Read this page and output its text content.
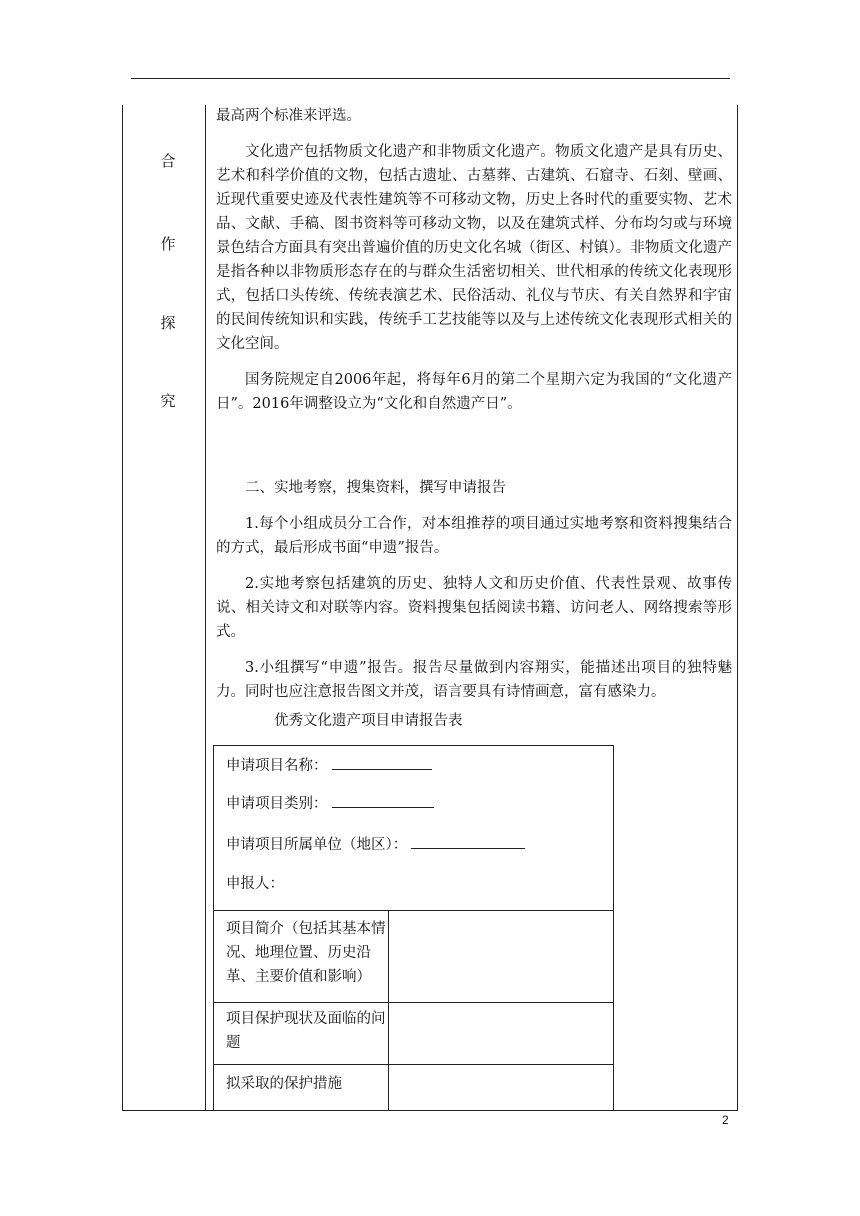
合
作
探
究

最高两个标准来评选。

文化遗产包括物质文化遗产和非物质文化遗产。物质文化遗产是具有历史、艺术和科学价值的文物，包括古遗址、古墓葬、古建筑、石窟寺、石刻、壁画、近现代重要史迹及代表性建筑等不可移动文物，历史上各时代的重要实物、艺术品、文献、手稿、图书资料等可移动文物，以及在建筑式样、分布均匀或与环境景色结合方面具有突出普遍价值的历史文化名城（街区、村镇）。非物质文化遗产是指各种以非物质形态存在的与群众生活密切相关、世代相承的传统文化表现形式，包括口头传统、传统表演艺术、民俗活动、礼仪与节庆、有关自然界和宇宙的民间传统知识和实践，传统手工艺技能等以及与上述传统文化表现形式相关的文化空间。

国务院规定自2006年起，将每年6月的第二个星期六定为我国的“文化遗产日”。2016年调整设立为“文化和自然遗产日”。

二、实地考察，搜集资料，撰写申请报告

1.每个小组成员分工合作，对本组推荐的项目通过实地考察和资料搜集结合的方式，最后形成书面“申遗”报告。

2.实地考察包括建筑的历史、独特人文和历史价值、代表性景观、故事传说、相关诗文和对联等内容。资料搜集包括阅读书籍、访问老人、网络搜索等形式。

3.小组撰写“申遗”报告。报告尽量做到内容翔实，能描述出项目的独特魅力。同时也应注意报告图文并茂，语言要具有诗情画意，富有感染力。

优秀文化遗产项目申请报告表
申请项目名称：
申请项目类别：
申请项目所属单位（地区）：
申报人：
项目简介（包括其基本情况、地理位置、历史沿革、主要价值和影响）
项目保护现状及面临的问题
拟采取的保护措施
2
